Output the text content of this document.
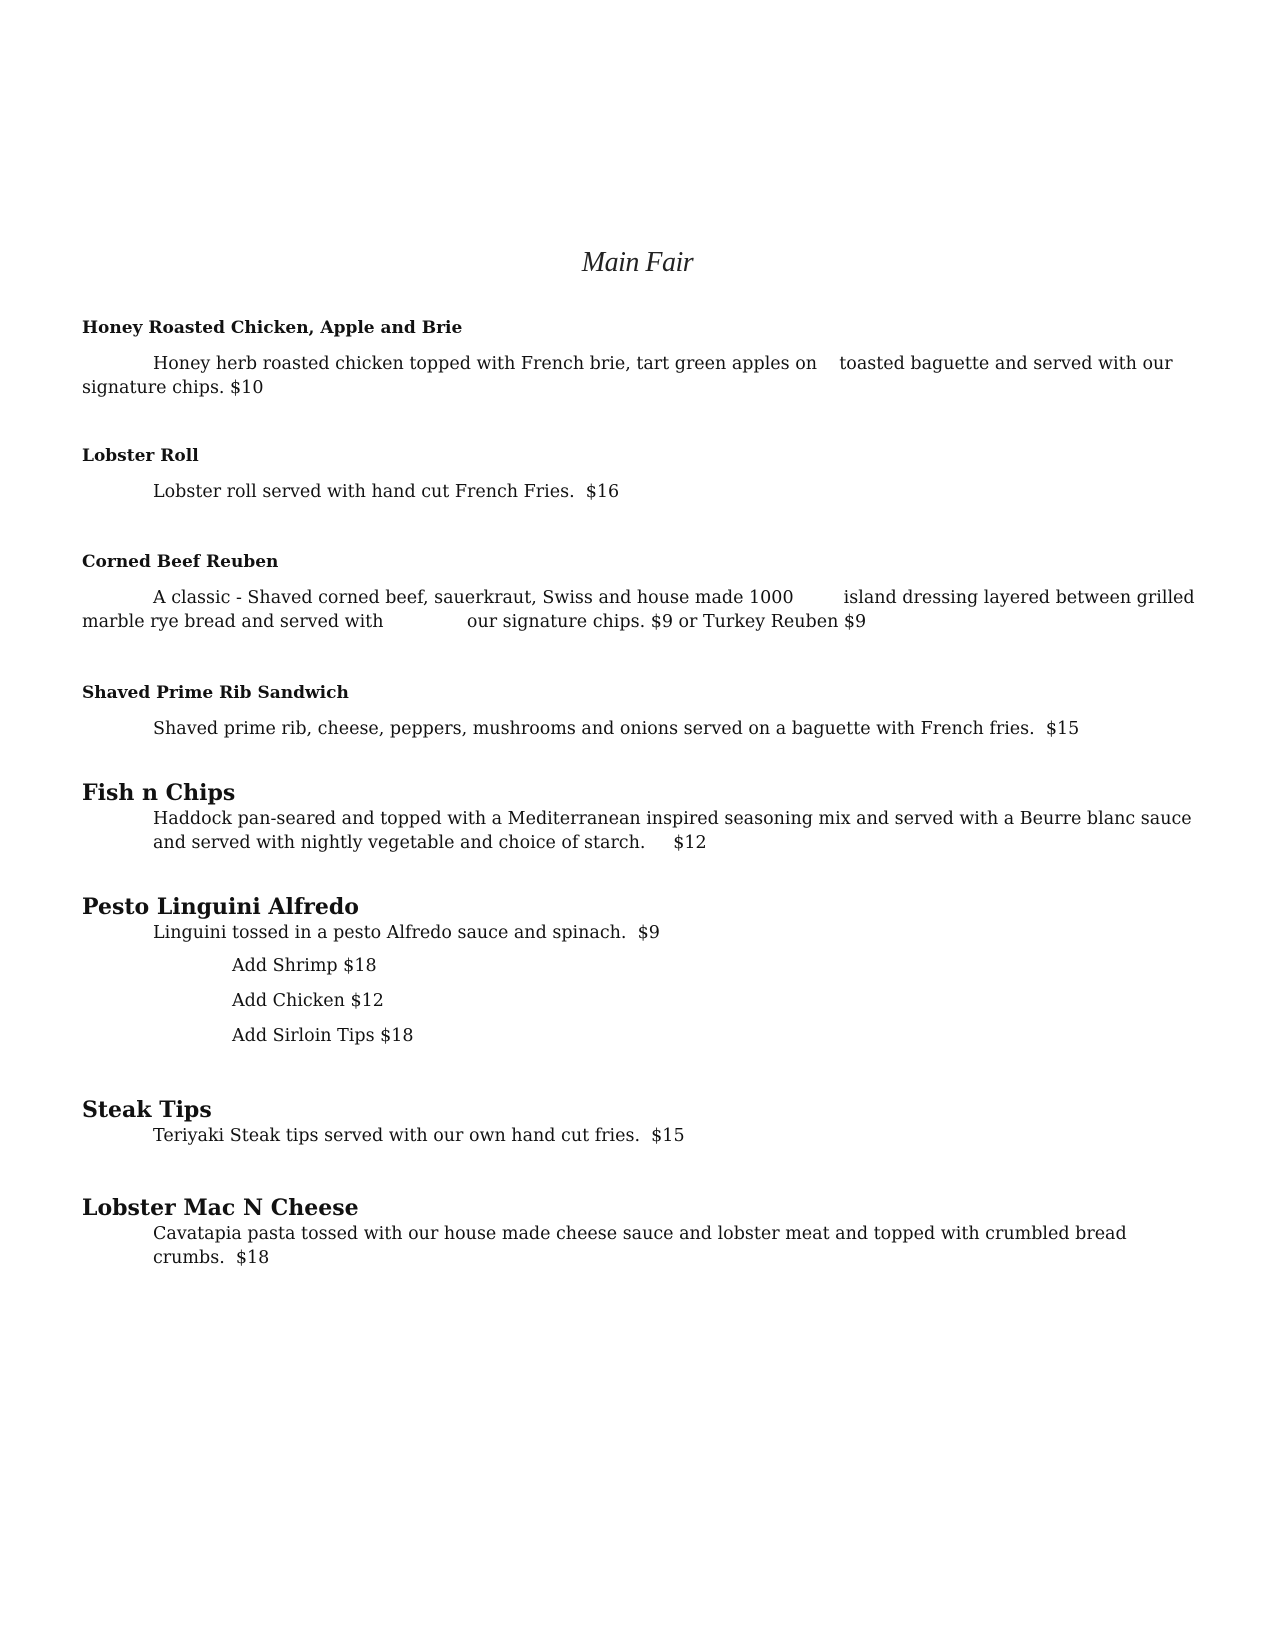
Main Fair
Honey Roasted Chicken, Apple and Brie
Honey herb roasted chicken topped with French brie, tart green apples on    toasted baguette and served with our
signature chips. $10
Lobster Roll
Lobster roll served with hand cut French Fries.  $16
Corned Beef Reuben
A classic - Shaved corned beef, sauerkraut, Swiss and house made 1000         island dressing layered between grilled
marble rye bread and served with               our signature chips. $9 or Turkey Reuben $9
Shaved Prime Rib Sandwich
Shaved prime rib, cheese, peppers, mushrooms and onions served on a baguette with French fries.  $15
Fish n Chips
Haddock pan-seared and topped with a Mediterranean inspired seasoning mix and served with a Beurre blanc sauce
and served with nightly vegetable and choice of starch.     $12
Pesto Linguini Alfredo
Linguini tossed in a pesto Alfredo sauce and spinach.  $9
Add Shrimp $18
Add Chicken $12
Add Sirloin Tips $18
Steak Tips
Teriyaki Steak tips served with our own hand cut fries.  $15
Lobster Mac N Cheese
Cavatapia pasta tossed with our house made cheese sauce and lobster meat and topped with crumbled bread
crumbs.  $18
